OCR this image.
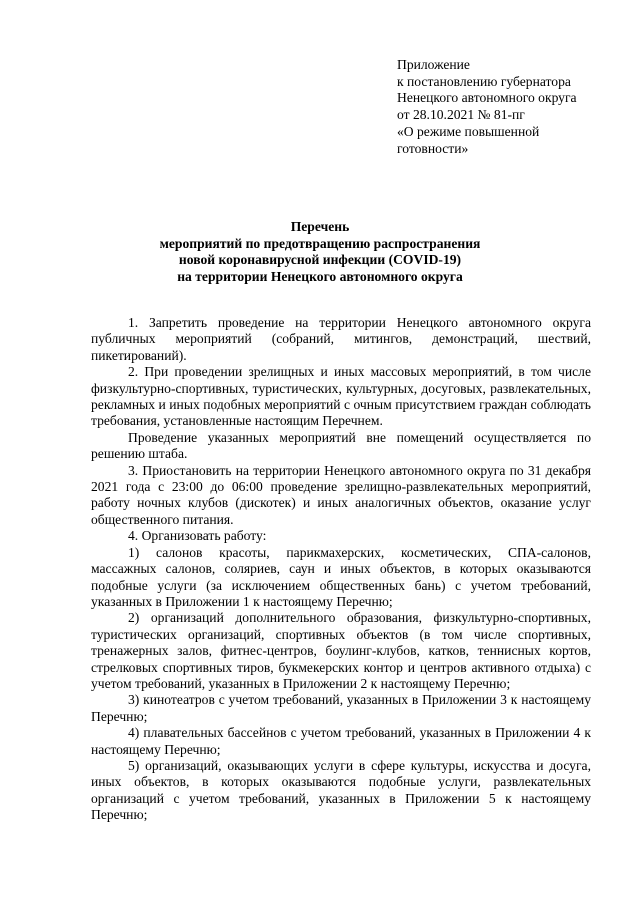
Приложение
к постановлению губернатора
Ненецкого автономного округа
от 28.10.2021 № 81-пг
«О режиме повышенной
готовности»
Перечень
мероприятий по предотвращению распространения
новой коронавирусной инфекции (COVID-19)
на территории Ненецкого автономного округа

1. Запретить проведение на территории Ненецкого автономного округа публичных мероприятий (собраний, митингов, демонстраций, шествий, пикетирований).

2. При проведении зрелищных и иных массовых мероприятий, в том числе физкультурно-спортивных, туристических, культурных, досуговых, развлекательных, рекламных и иных подобных мероприятий с очным присутствием граждан соблюдать требования, установленные настоящим Перечнем.

Проведение указанных мероприятий вне помещений осуществляется по решению штаба.

3. Приостановить на территории Ненецкого автономного округа по 31 декабря 2021 года с 23:00 до 06:00 проведение зрелищно-развлекательных мероприятий, работу ночных клубов (дискотек) и иных аналогичных объектов, оказание услуг общественного питания.

4. Организовать работу:

1) салонов красоты, парикмахерских, косметических, СПА-салонов, массажных салонов, соляриев, саун и иных объектов, в которых оказываются подобные услуги (за исключением общественных бань) с учетом требований, указанных в Приложении 1 к настоящему Перечню;

2) организаций дополнительного образования, физкультурно-спортивных, туристических организаций, спортивных объектов (в том числе спортивных, тренажерных залов, фитнес-центров, боулинг-клубов, катков, теннисных кортов, стрелковых спортивных тиров, букмекерских контор и центров активного отдыха) с учетом требований, указанных в Приложении 2 к настоящему Перечню;

3) кинотеатров с учетом требований, указанных в Приложении 3 к настоящему Перечню;

4) плавательных бассейнов с учетом требований, указанных в Приложении 4 к настоящему Перечню;

5) организаций, оказывающих услуги в сфере культуры, искусства и досуга, иных объектов, в которых оказываются подобные услуги, развлекательных организаций с учетом требований, указанных в Приложении 5 к настоящему Перечню;
